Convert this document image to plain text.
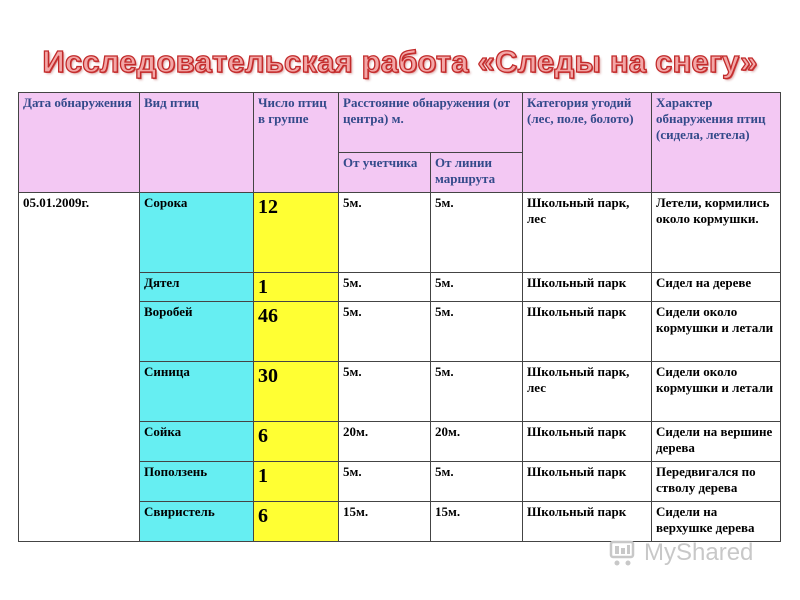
Исследовательская работа «Следы на снегу»
Дата обнаружения	Вид птиц	Число птиц в группе	Расстояние обнаружения (от центра) м.		Категория угодий (лес, поле, болото)	Характер обнаружения птиц (сидела, летела)
			От учетчика	От линии маршрута		
05.01.2009г.	Сорока	12	5м.	5м.	Школьный парк, лес	Летели, кормились около кормушки.
	Дятел	1	5м.	5м.	Школьный парк	Сидел на дереве
	Воробей	46	5м.	5м.	Школьный парк	Сидели около кормушки и летали
	Синица	30	5м.	5м.	Школьный парк, лес	Сидели около кормушки и летали
	Сойка	6	20м.	20м.	Школьный парк	Сидели на вершине дерева
	Поползень	1	5м.	5м.	Школьный парк	Передвигался по стволу дерева
	Свиристель	6	15м.	15м.	Школьный парк	Сидели на верхушке дерева
MyShared
